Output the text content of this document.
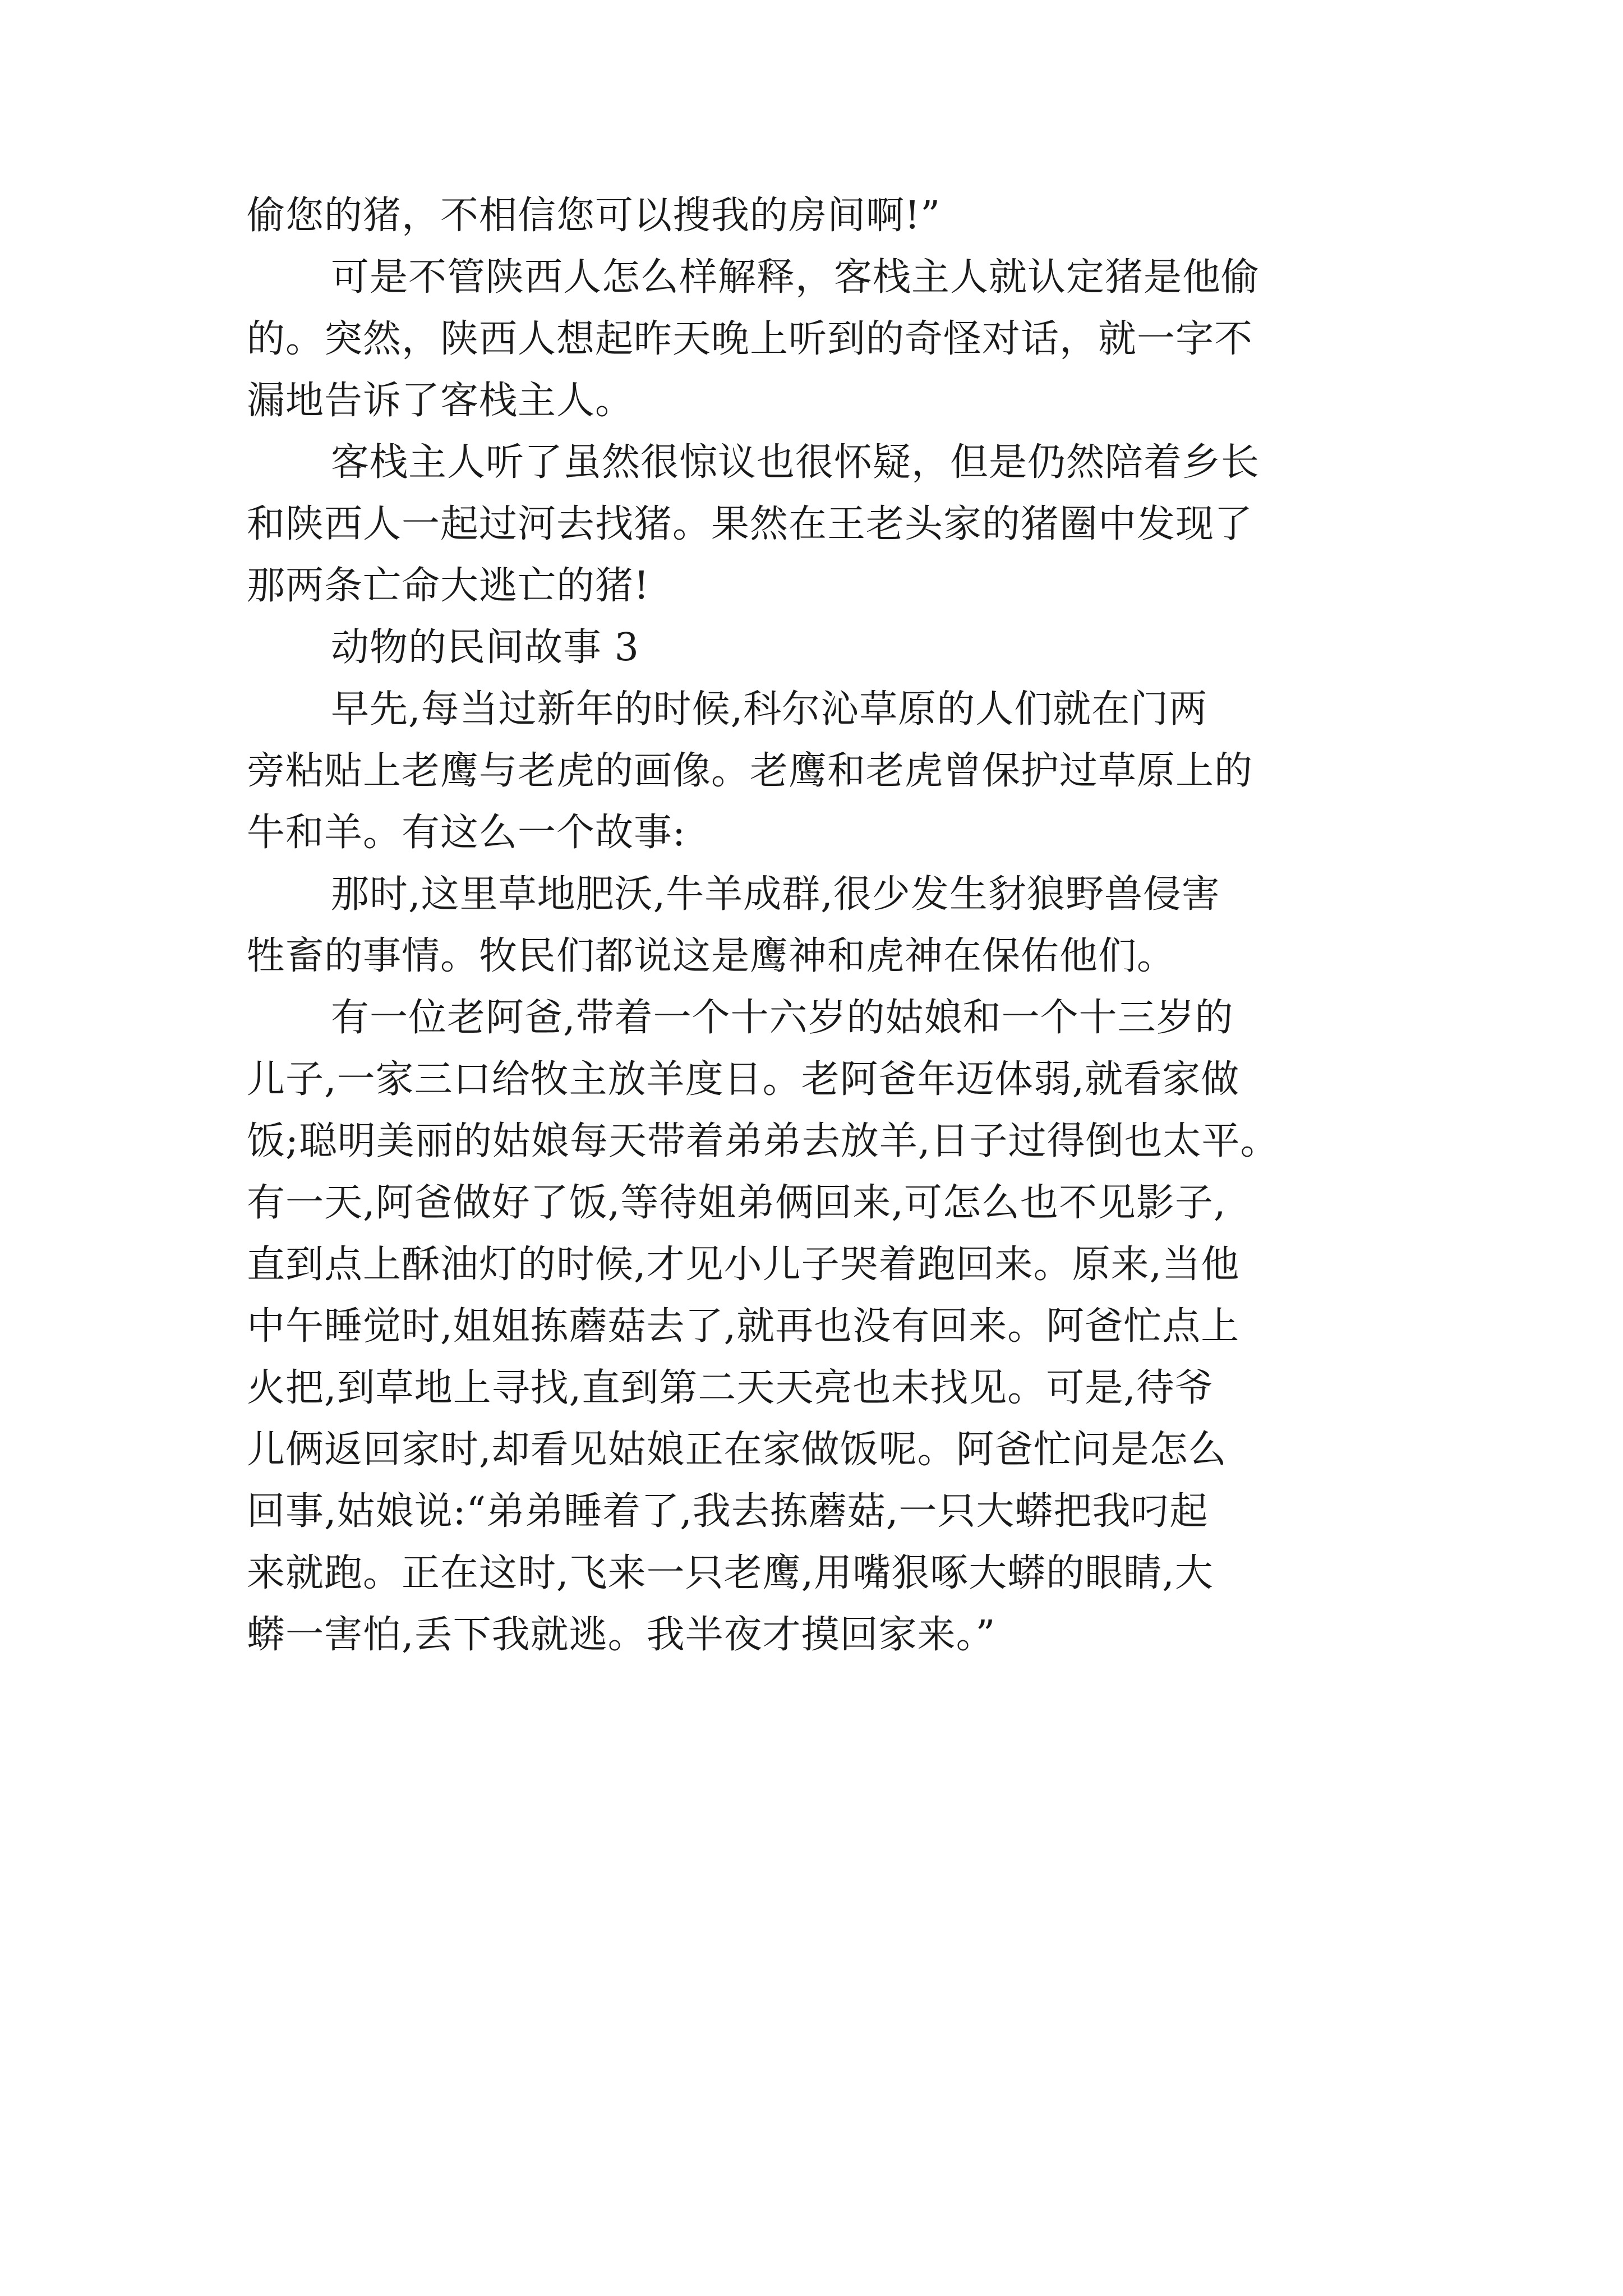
偷您的猪，不相信您可以搜我的房间啊!”
可是不管陕西人怎么样解释，客栈主人就认定猪是他偷
的。突然，陕西人想起昨天晚上听到的奇怪对话，就一字不
漏地告诉了客栈主人。
客栈主人听了虽然很惊议也很怀疑，但是仍然陪着乡长
和陕西人一起过河去找猪。果然在王老头家的猪圈中发现了
那两条亡命大逃亡的猪!
动物的民间故事 3
早先,每当过新年的时候,科尔沁草原的人们就在门两
旁粘贴上老鹰与老虎的画像。老鹰和老虎曾保护过草原上的
牛和羊。有这么一个故事:
那时,这里草地肥沃,牛羊成群,很少发生豺狼野兽侵害
牲畜的事情。牧民们都说这是鹰神和虎神在保佑他们。
有一位老阿爸,带着一个十六岁的姑娘和一个十三岁的
儿子,一家三口给牧主放羊度日。老阿爸年迈体弱,就看家做
饭;聪明美丽的姑娘每天带着弟弟去放羊,日子过得倒也太平。
有一天,阿爸做好了饭,等待姐弟俩回来,可怎么也不见影子,
直到点上酥油灯的时候,才见小儿子哭着跑回来。原来,当他
中午睡觉时,姐姐拣蘑菇去了,就再也没有回来。阿爸忙点上
火把,到草地上寻找,直到第二天天亮也未找见。可是,待爷
儿俩返回家时,却看见姑娘正在家做饭呢。阿爸忙问是怎么
回事,姑娘说:“弟弟睡着了,我去拣蘑菇,一只大蟒把我叼起
来就跑。正在这时,飞来一只老鹰,用嘴狠啄大蟒的眼睛,大
蟒一害怕,丢下我就逃。我半夜才摸回家来。”
